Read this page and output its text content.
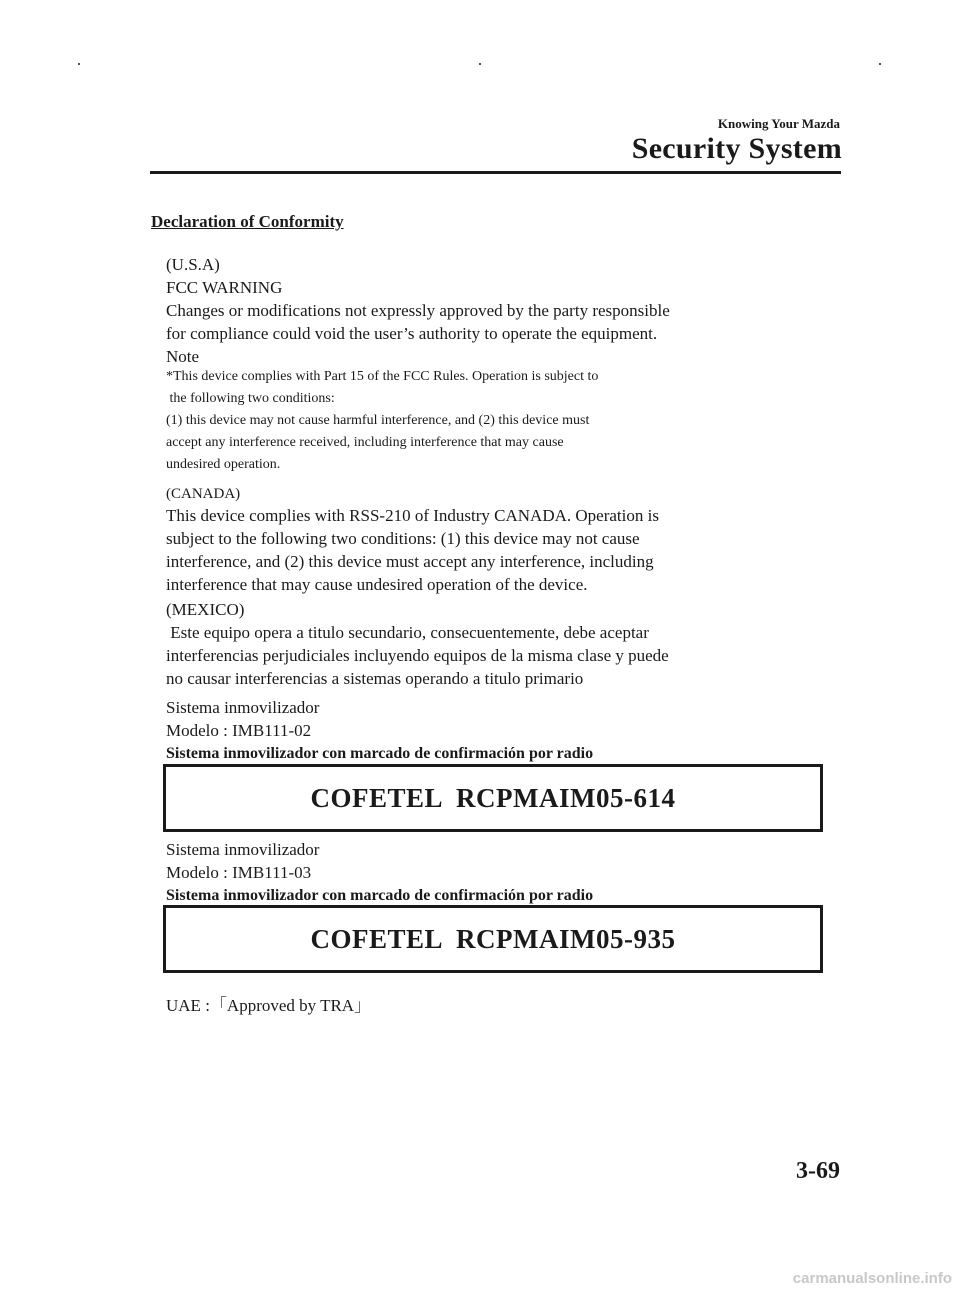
Knowing Your Mazda
Security System
Declaration of Conformity
(U.S.A)
FCC WARNING
Changes or modifications not expressly approved by the party responsible
for compliance could void the user’s authority to operate the equipment.
Note
*This device complies with Part 15 of the FCC Rules. Operation is subject to
the following two conditions:
(1) this device may not cause harmful interference, and (2) this device must
accept any interference received, including interference that may cause
undesired operation.
(CANADA)
This device complies with RSS-210 of Industry CANADA. Operation is
subject to the following two conditions: (1) this device may not cause
interference, and (2) this device must accept any interference, including
interference that may cause undesired operation of the device.
(MEXICO)
Este equipo opera a titulo secundario, consecuentemente, debe aceptar
interferencias perjudiciales incluyendo equipos de la misma clase y puede
no causar interferencias a sistemas operando a titulo primario
Sistema inmovilizador
Modelo : IMB111-02
Sistema inmovilizador con marcado de confirmación por radio
COFETEL  RCPMAIM05-614
Sistema inmovilizador
Modelo : IMB111-03
Sistema inmovilizador con marcado de confirmación por radio
COFETEL  RCPMAIM05-935
UAE :「Approved by TRA」
3-69
carmanualsonline.info
